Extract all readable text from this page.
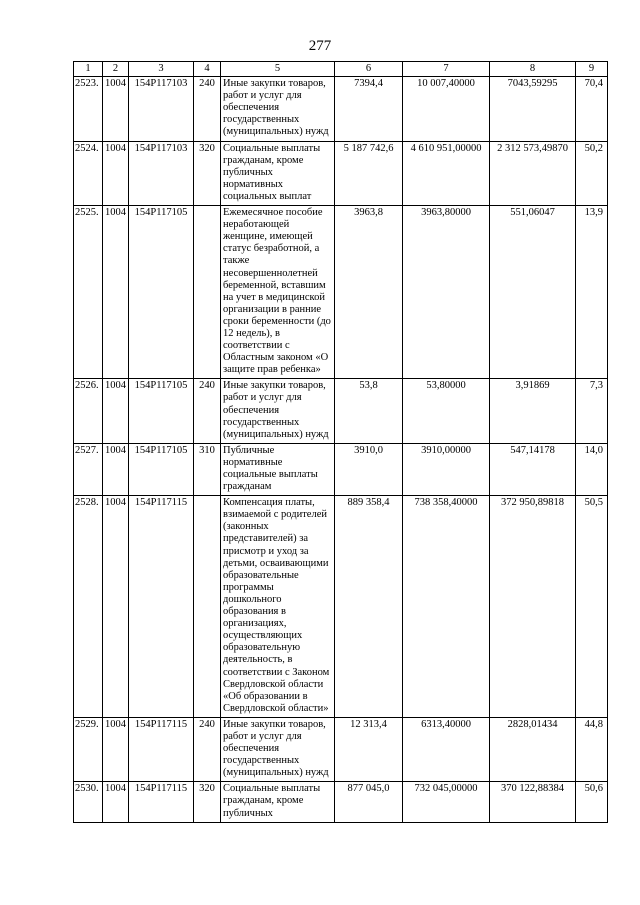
277
1	2	3	4	5	6	7	8	9
2523.	1004	154P117103	240	Иные закупки товаров, работ и услуг для обеспечения государственных (муниципальных) нужд	7394,4	10 007,40000	7043,59295	70,4
2524.	1004	154P117103	320	Социальные выплаты гражданам, кроме публичных нормативных социальных выплат	5 187 742,6	4 610 951,00000	2 312 573,49870	50,2
2525.	1004	154P117105		Ежемесячное пособие неработающей женщине, имеющей статус безработной, а также несовершеннолетней беременной, вставшим на учет в медицинской организации в ранние сроки беременности (до 12 недель), в соответствии с Областным законом «О защите прав ребенка»	3963,8	3963,80000	551,06047	13,9
2526.	1004	154P117105	240	Иные закупки товаров, работ и услуг для обеспечения государственных (муниципальных) нужд	53,8	53,80000	3,91869	7,3
2527.	1004	154P117105	310	Публичные нормативные социальные выплаты гражданам	3910,0	3910,00000	547,14178	14,0
2528.	1004	154P117115		Компенсация платы, взимаемой с родителей (законных представителей) за присмотр и уход за детьми, осваивающими образовательные программы дошкольного образования в организациях, осуществляющих образовательную деятельность, в соответствии с Законом Свердловской области «Об образовании в Свердловской области»	889 358,4	738 358,40000	372 950,89818	50,5
2529.	1004	154P117115	240	Иные закупки товаров, работ и услуг для обеспечения государственных (муниципальных) нужд	12 313,4	6313,40000	2828,01434	44,8
2530.	1004	154P117115	320	Социальные выплаты гражданам, кроме публичных	877 045,0	732 045,00000	370 122,88384	50,6
